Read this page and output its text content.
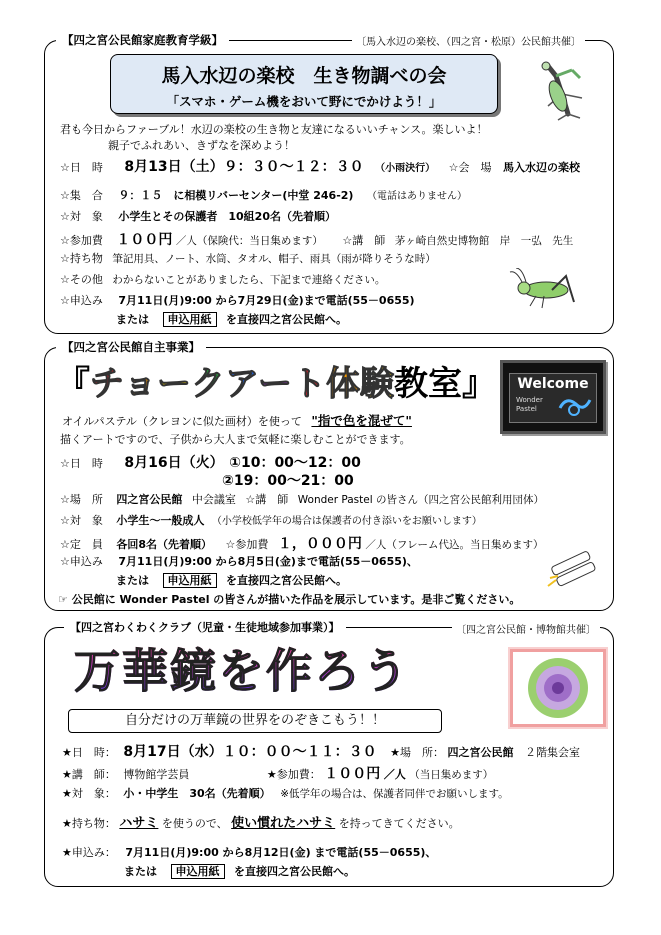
【四之宮公民館家庭教育学級】	〔馬入水辺の楽校、（四之宮・松原）公民館共催〕
馬入水辺の楽校　生き物調べの会
「スマホ・ゲーム機をおいて野にでかけよう！」
君も今日からファーブル！水辺の楽校の生き物と友達になるいいチャンス。楽しいよ！
親子でふれあい、きずなを深めよう！
☆日　時 8月13日（土）９：３０～１２：３０ （小雨決行） ☆会　場 馬入水辺の楽校
☆集　合 ９：１５　に相模リバーセンター(中堂 246-2) （電話はありません）
☆対　象 小学生とその保護者　10組20名（先着順）
☆参加費 １００円 ／人（保険代：当日集めます） ☆講　師 茅ヶ崎自然史博物館　岸　一弘　先生
☆持ち物 筆記用具、ノート、水筒、タオル、帽子、雨具（雨が降りそうな時）
☆その他 わからないことがありましたら、下記まで連絡ください。
☆申込み 7月11日(月)9:00 から7月29日(金)まで電話(55－0655)
または 申込用紙 を直接四之宮公民館へ。
【四之宮公民館自主事業】
『チョークアート体験教室』	Welcome
Wonder
Pastel
オイルパステル（クレヨンに似た画材）を使って "指で色を混ぜて"
描くアートですので、子供から大人まで気軽に楽しむことができます。
☆日　時 8月16日（火） ①10：00～12：00
②19：00～21：00
☆場　所 四之宮公民館 中会議室 ☆講　師 Wonder Pastel の皆さん（四之宮公民館利用団体）
☆対　象 小学生～一般成人 （小学校低学年の場合は保護者の付き添いをお願いします）
☆定　員 各回8名（先着順） ☆参加費 １，０００円 ／人（フレーム代込。当日集めます）
☆申込み 7月11日(月)9:00 から8月5日(金)まで電話(55－0655)、
または 申込用紙 を直接四之宮公民館へ。
☞ 公民館に Wonder Pastel の皆さんが描いた作品を展示しています。是非ご覧ください。
【四之宮わくわくクラブ（児童・生徒地域参加事業）】	〔四之宮公民館・博物館共催〕
万華鏡を作ろう
自分だけの万華鏡の世界をのぞきこもう！！
★日　時： 8月17日（水）１０：００～１１：３０ ★場　所： 四之宮公民館 ２階集会室
★講　師： 博物館学芸員	★参加費： １００円 ／人 （当日集めます）
★対　象： 小・中学生　30名（先着順） ※低学年の場合は、保護者同伴でお願いします。
★持ち物： ハサミ を使うので、 使い慣れたハサミ を持ってきてください。
★申込み： 7月11日(月)9:00 から8月12日(金) まで電話(55－0655)、
または 申込用紙 を直接四之宮公民館へ。
